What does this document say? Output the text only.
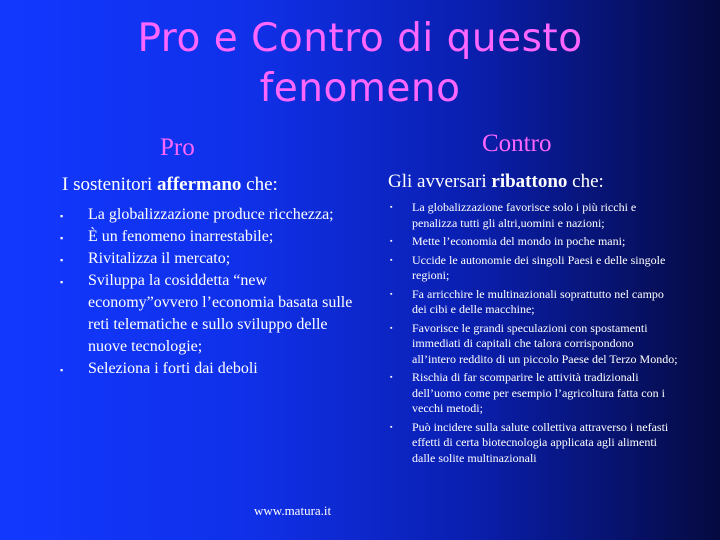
Pro e Contro di questo
fenomeno
Pro	Contro
I sostenitori affermano che:	Gli avversari ribattono che:
▪ La globalizzazione produce ricchezza;
▪ È un fenomeno inarrestabile;
▪ Rivitalizza il mercato;
▪ Sviluppa la cosiddetta “new economy”ovvero l’economia basata sulle reti telematiche e sullo sviluppo delle nuove tecnologie;
▪ Seleziona i forti dai deboli
▪ La globalizzazione favorisce solo i più ricchi e penalizza tutti gli altri,uomini e nazioni;
▪ Mette l’economia del mondo in poche mani;
▪ Uccide le autonomie dei singoli Paesi e delle singole regioni;
▪ Fa arricchire le multinazionali soprattutto nel campo dei cibi e delle macchine;
▪ Favorisce le grandi speculazioni con spostamenti immediati di capitali che talora corrispondono all’intero reddito di un piccolo Paese del Terzo Mondo;
▪ Rischia di far scomparire le attività tradizionali dell’uomo come per esempio l’agricoltura fatta con i vecchi metodi;
▪ Può incidere sulla salute collettiva attraverso i nefasti effetti di certa biotecnologia applicata agli alimenti dalle solite multinazionali
www.matura.it
